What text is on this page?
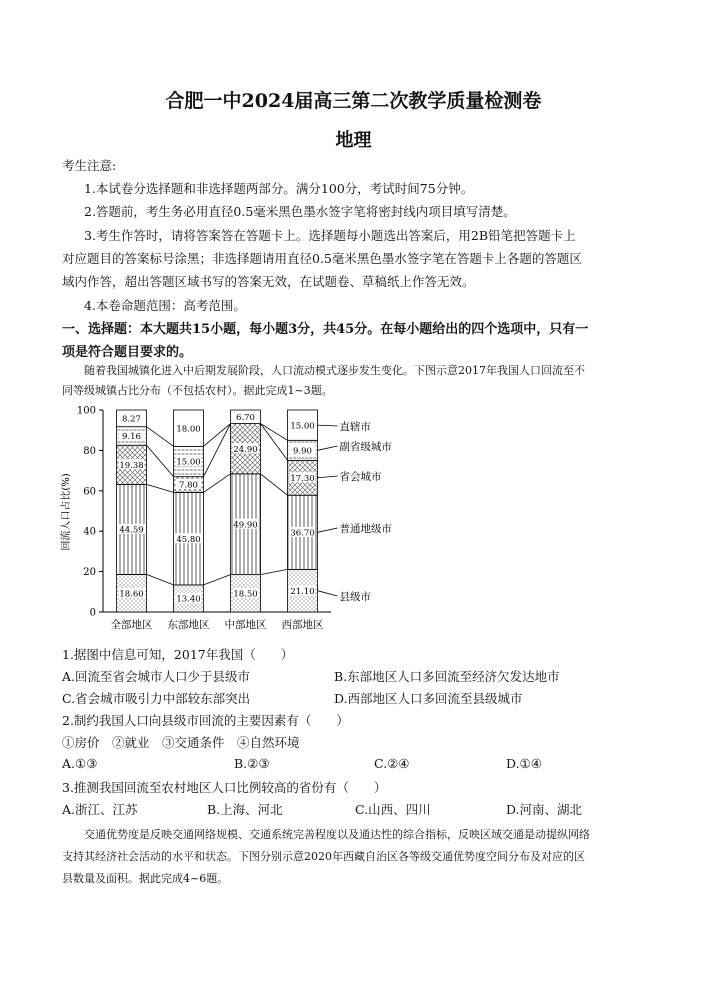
合肥一中2024届高三第二次教学质量检测卷
地理
考生注意:
1.本试卷分选择题和非选择题两部分。满分100分，考试时间75分钟。
2.答题前，考生务必用直径0.5毫米黑色墨水签字笔将密封线内项目填写清楚。
3.考生作答时，请将答案答在答题卡上。选择题每小题选出答案后，用2B铅笔把答题卡上
对应题目的答案标号涂黑；非选择题请用直径0.5毫米黑色墨水签字笔在答题卡上各题的答题区
域内作答，超出答题区域书写的答案无效，在试题卷、草稿纸上作答无效。
4.本卷命题范围：高考范围。
一、选择题：本大题共15小题，每小题3分，共45分。在每小题给出的四个选项中，只有一
项是符合题目要求的。
随着我国城镇化进入中后期发展阶段，人口流动模式逐步发生变化。下图示意2017年我国人口回流至不
同等级城镇占比分布（不包括农村）。据此完成1~3题。
0
20
40
60
80
100
18.60
44.59
19.38
9.16
8.27
13.40
45.80
7.80
15.00
18.00
18.50
49.90
24.90
6.70
21.10
36.70
17.30
9.90
15.00
全部地区 东部地区 中部地区 西部地区
县级市
普通地级市
省会城市
副省级城市
直辖市
回流人口占比(%)
1.据图中信息可知，2017年我国（　　）
A.回流至省会城市人口少于县级市	B.东部地区人口多回流至经济欠发达地市
C.省会城市吸引力中部较东部突出	D.西部地区人口多回流至县级城市
2.制约我国人口向县级市回流的主要因素有（　　）
①房价　②就业　③交通条件　④自然环境
A.①③	B.②③	C.②④	D.①④
3.推测我国回流至农村地区人口比例较高的省份有（　　）
A.浙江、江苏	B.上海、河北	C.山西、四川	D.河南、湖北
交通优势度是反映交通网络规模、交通系统完善程度以及通达性的综合指标，反映区域交通是动提纵网络
支持其经济社会活动的水平和状态。下图分别示意2020年西藏自治区各等级交通优势度空间分布及对应的区
县数量及面积。据此完成4~6题。
